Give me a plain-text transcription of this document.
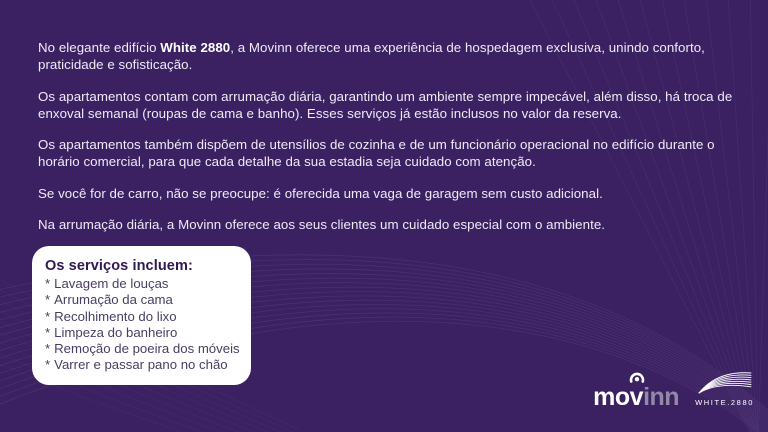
No elegante edifício White 2880, a Movinn oferece uma experiência de hospedagem exclusiva, unindo conforto, praticidade e sofisticação.

Os apartamentos contam com arrumação diária, garantindo um ambiente sempre impecável, além disso, há troca de enxoval semanal (roupas de cama e banho). Esses serviços já estão inclusos no valor da reserva.

Os apartamentos também dispõem de utensílios de cozinha e de um funcionário operacional no edifício durante o horário comercial, para que cada detalhe da sua estadia seja cuidado com atenção.

Se você for de carro, não se preocupe: é oferecida uma vaga de garagem sem custo adicional.

Na arrumação diária, a Movinn oferece aos seus clientes um cuidado especial com o ambiente.

Os serviços incluem:
* Lavagem de louças
* Arrumação da cama
* Recolhimento do lixo
* Limpeza do banheiro
* Remoção de poeira dos móveis
* Varrer e passar pano no chão
mov inn WHITE.2880
